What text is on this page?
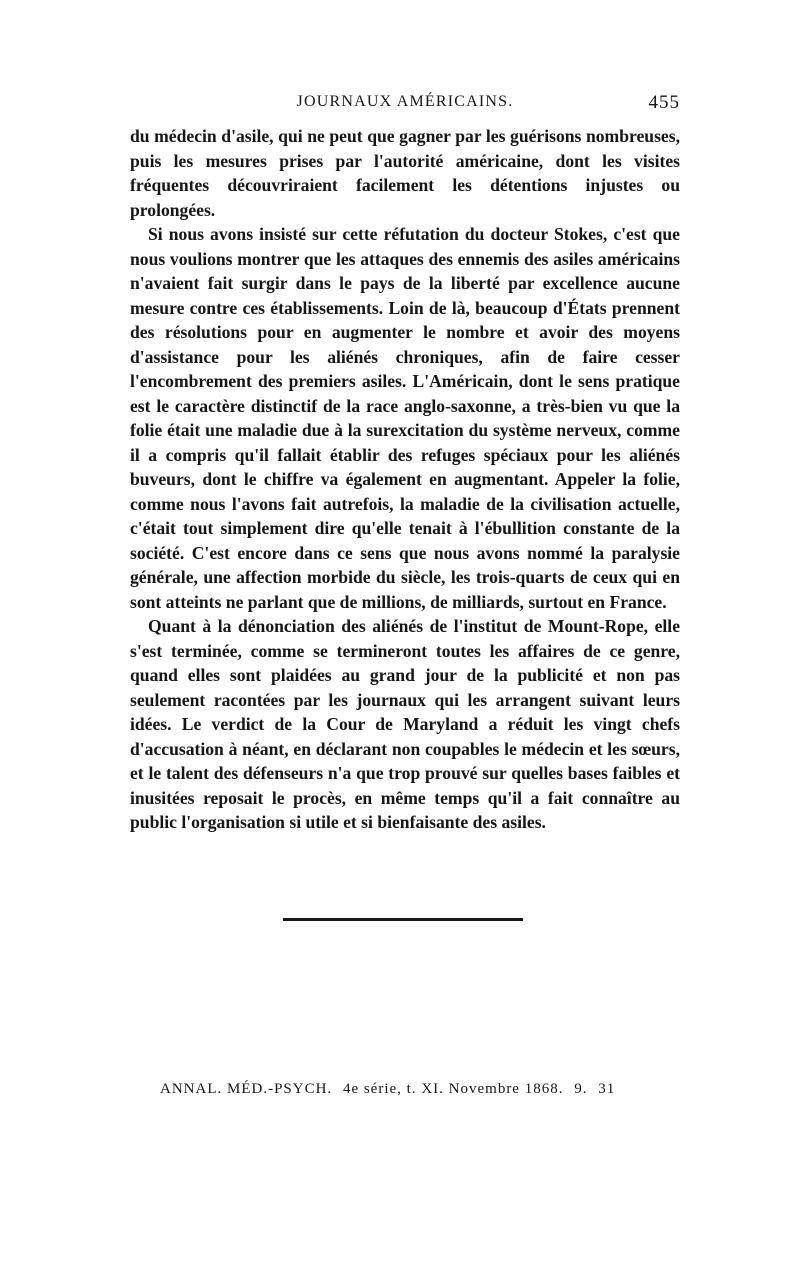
JOURNAUX AMÉRICAINS.	455

du médecin d'asile, qui ne peut que gagner par les guérisons nombreuses, puis les mesures prises par l'autorité américaine, dont les visites fréquentes découvriraient facilement les détentions injustes ou prolongées.

Si nous avons insisté sur cette réfutation du docteur Stokes, c'est que nous voulions montrer que les attaques des ennemis des asiles américains n'avaient fait surgir dans le pays de la liberté par excellence aucune mesure contre ces établissements. Loin de là, beaucoup d'États prennent des résolutions pour en augmenter le nombre et avoir des moyens d'assistance pour les aliénés chroniques, afin de faire cesser l'encombrement des premiers asiles. L'Américain, dont le sens pratique est le caractère distinctif de la race anglo-saxonne, a très-bien vu que la folie était une maladie due à la surexcitation du système nerveux, comme il a compris qu'il fallait établir des refuges spéciaux pour les aliénés buveurs, dont le chiffre va également en augmentant. Appeler la folie, comme nous l'avons fait autrefois, la maladie de la civilisation actuelle, c'était tout simplement dire qu'elle tenait à l'ébullition constante de la société. C'est encore dans ce sens que nous avons nommé la paralysie générale, une affection morbide du siècle, les trois-quarts de ceux qui en sont atteints ne parlant que de millions, de milliards, surtout en France.

Quant à la dénonciation des aliénés de l'institut de Mount-Rope, elle s'est terminée, comme se termineront toutes les affaires de ce genre, quand elles sont plaidées au grand jour de la publicité et non pas seulement racontées par les journaux qui les arrangent suivant leurs idées. Le verdict de la Cour de Maryland a réduit les vingt chefs d'accusation à néant, en déclarant non coupables le médecin et les sœurs, et le talent des défenseurs n'a que trop prouvé sur quelles bases faibles et inusitées reposait le procès, en même temps qu'il a fait connaître au public l'organisation si utile et si bienfaisante des asiles.

ANNAL. MÉD.-PSYCH. 4e série, t. XI. Novembre 1868. 9. 31
